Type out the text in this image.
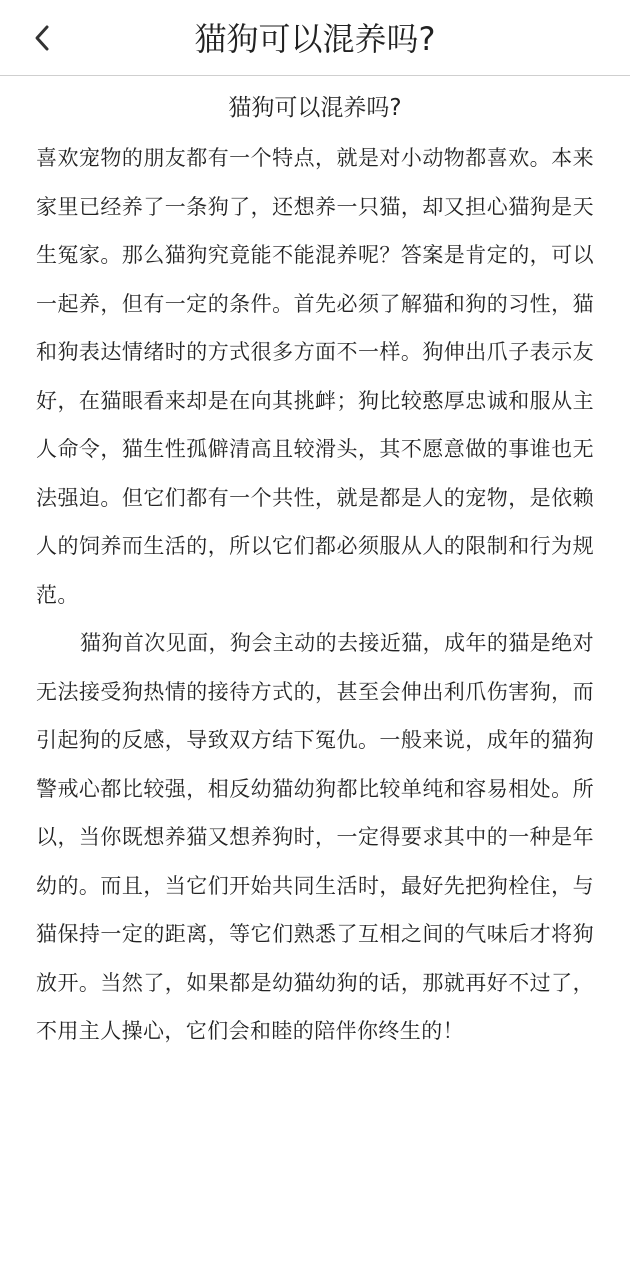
猫狗可以混养吗?
猫狗可以混养吗?

喜欢宠物的朋友都有一个特点，就是对小动物都喜欢。本来家里已经养了一条狗了，还想养一只猫，却又担心猫狗是天生冤家。那么猫狗究竟能不能混养呢？答案是肯定的，可以一起养，但有一定的条件。首先必须了解猫和狗的习性，猫和狗表达情绪时的方式很多方面不一样。狗伸出爪子表示友好，在猫眼看来却是在向其挑衅；狗比较憨厚忠诚和服从主人命令，猫生性孤僻清高且较滑头，其不愿意做的事谁也无法强迫。但它们都有一个共性，就是都是人的宠物，是依赖人的饲养而生活的，所以它们都必须服从人的限制和行为规范。

猫狗首次见面，狗会主动的去接近猫，成年的猫是绝对无法接受狗热情的接待方式的，甚至会伸出利爪伤害狗，而引起狗的反感，导致双方结下冤仇。一般来说，成年的猫狗警戒心都比较强，相反幼猫幼狗都比较单纯和容易相处。所以，当你既想养猫又想养狗时，一定得要求其中的一种是年幼的。而且，当它们开始共同生活时，最好先把狗栓住，与猫保持一定的距离，等它们熟悉了互相之间的气味后才将狗放开。当然了，如果都是幼猫幼狗的话，那就再好不过了，不用主人操心，它们会和睦的陪伴你终生的！
